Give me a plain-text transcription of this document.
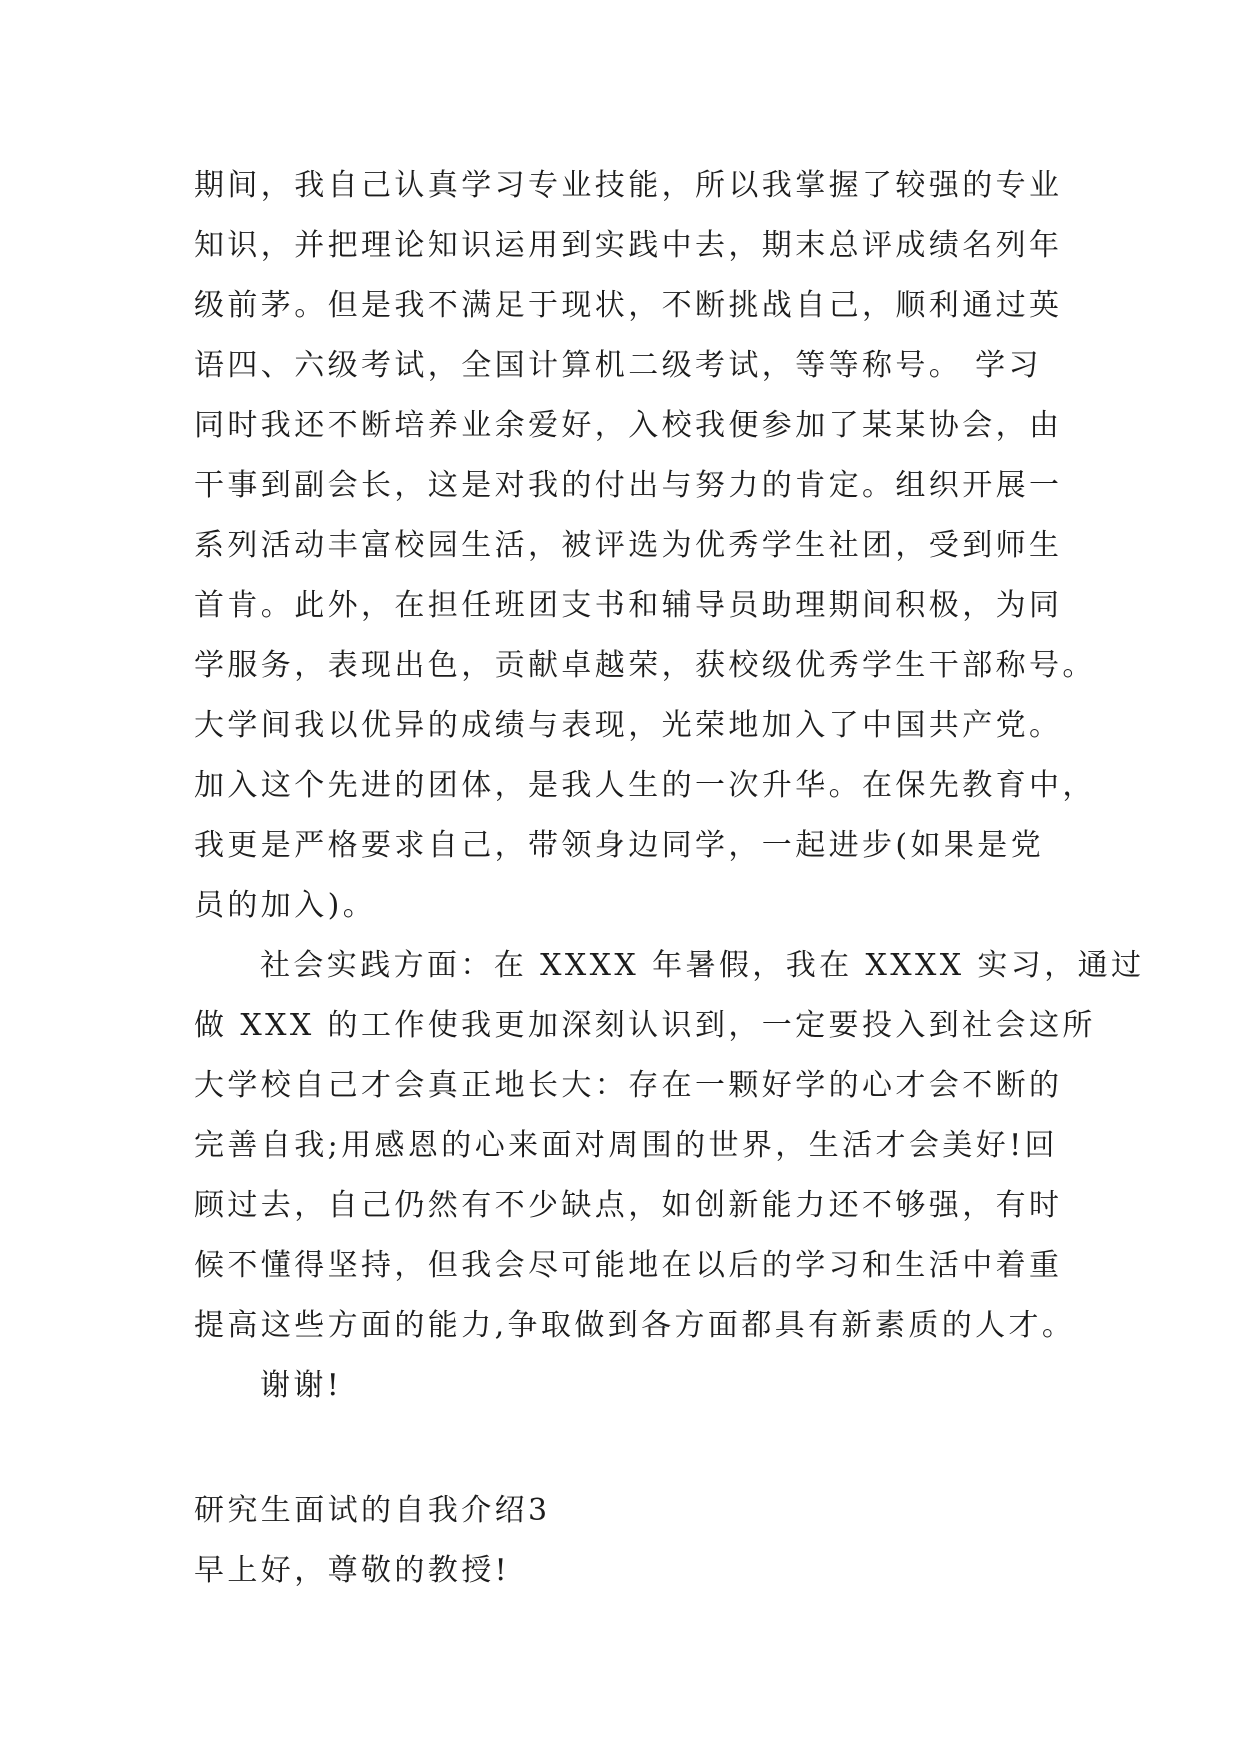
期间，我自己认真学习专业技能，所以我掌握了较强的专业
知识，并把理论知识运用到实践中去，期末总评成绩名列年
级前茅。但是我不满足于现状，不断挑战自己，顺利通过英
语四、六级考试，全国计算机二级考试，等等称号。 学习
同时我还不断培养业余爱好，入校我便参加了某某协会，由
干事到副会长，这是对我的付出与努力的肯定。组织开展一
系列活动丰富校园生活，被评选为优秀学生社团，受到师生
首肯。此外，在担任班团支书和辅导员助理期间积极，为同
学服务，表现出色，贡献卓越荣，获校级优秀学生干部称号。
大学间我以优异的成绩与表现，光荣地加入了中国共产党。
加入这个先进的团体，是我人生的一次升华。在保先教育中，
我更是严格要求自己，带领身边同学，一起进步(如果是党
员的加入)。
社会实践方面：在 XXXX 年暑假，我在 XXXX 实习，通过
做 XXX 的工作使我更加深刻认识到，一定要投入到社会这所
大学校自己才会真正地长大：存在一颗好学的心才会不断的
完善自我;用感恩的心来面对周围的世界，生活才会美好!回
顾过去，自己仍然有不少缺点，如创新能力还不够强，有时
候不懂得坚持，但我会尽可能地在以后的学习和生活中着重
提高这些方面的能力,争取做到各方面都具有新素质的人才。
谢谢!
研究生面试的自我介绍3
早上好，尊敬的教授!
